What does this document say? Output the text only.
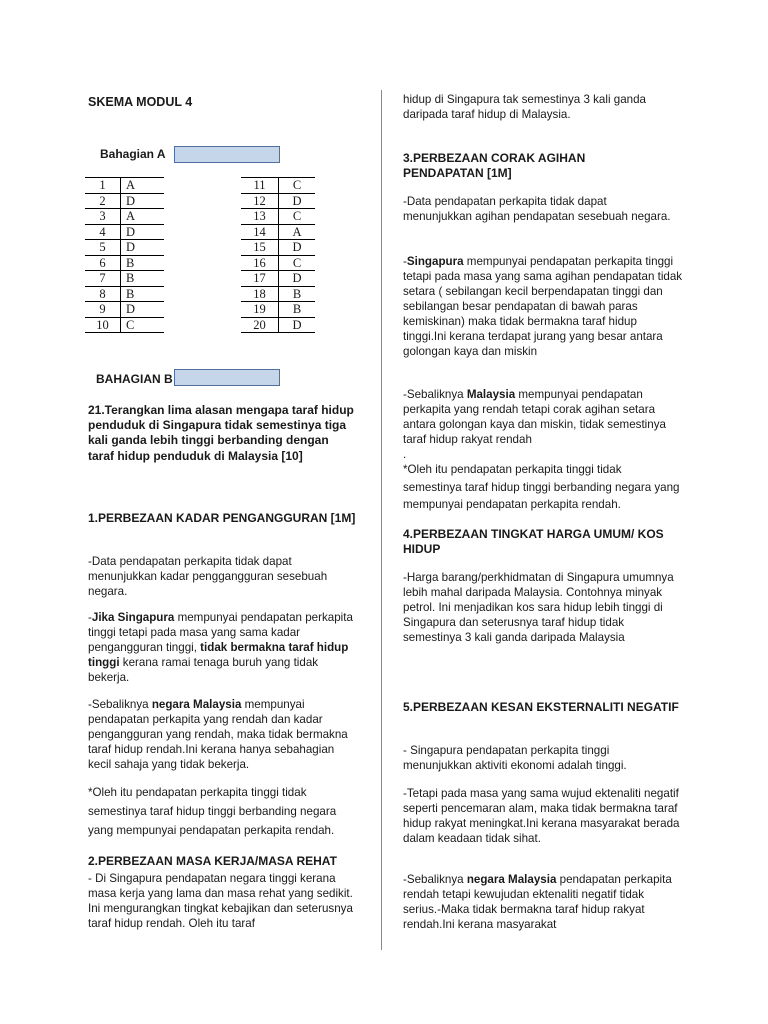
SKEMA MODUL 4
Bahagian A
1	A
2	D
3	A
4	D
5	D
6	B
7	B
8	B
9	D
10	C
11	C
12	D
13	C
14	A
15	D
16	C
17	D
18	B
19	B
20	D
BAHAGIAN B
21.Terangkan lima alasan mengapa taraf hidup penduduk di Singapura tidak semestinya tiga kali ganda lebih tinggi berbanding dengan taraf hidup penduduk di Malaysia [10]
1.PERBEZAAN KADAR PENGANGGURAN [1M]
-Data pendapatan perkapita tidak dapat menunjukkan kadar penggangguran sesebuah negara.
-Jika Singapura mempunyai pendapatan perkapita tinggi tetapi pada masa yang sama kadar pengangguran tinggi, tidak bermakna taraf hidup tinggi kerana ramai tenaga buruh yang tidak bekerja.
-Sebaliknya negara Malaysia mempunyai pendapatan perkapita yang rendah dan kadar pengangguran yang rendah, maka tidak bermakna taraf hidup rendah.Ini kerana hanya sebahagian kecil sahaja yang tidak bekerja.
*Oleh itu pendapatan perkapita tinggi tidak semestinya taraf hidup tinggi berbanding negara yang mempunyai pendapatan perkapita rendah.
2.PERBEZAAN MASA KERJA/MASA REHAT
- Di Singapura pendapatan negara tinggi kerana masa kerja yang lama dan masa rehat yang sedikit. Ini mengurangkan tingkat kebajikan dan seterusnya taraf hidup rendah. Oleh itu taraf
hidup di Singapura tak semestinya 3 kali ganda daripada taraf hidup di Malaysia.
3.PERBEZAAN CORAK AGIHAN PENDAPATAN [1M]
-Data pendapatan perkapita tidak dapat menunjukkan agihan pendapatan sesebuah negara.
-Singapura mempunyai pendapatan perkapita tinggi tetapi pada masa yang sama agihan pendapatan tidak setara ( sebilangan kecil berpendapatan tinggi dan sebilangan besar pendapatan di bawah paras kemiskinan) maka tidak bermakna taraf hidup tinggi.Ini kerana terdapat jurang yang besar antara golongan kaya dan miskin
-Sebaliknya Malaysia mempunyai pendapatan perkapita yang rendah tetapi corak agihan setara antara golongan kaya dan miskin, tidak semestinya taraf hidup rakyat rendah
.
*Oleh itu pendapatan perkapita tinggi tidak semestinya taraf hidup tinggi berbanding negara yang mempunyai pendapatan perkapita rendah.
4.PERBEZAAN TINGKAT HARGA UMUM/ KOS HIDUP
-Harga barang/perkhidmatan di Singapura umumnya lebih mahal daripada Malaysia. Contohnya minyak petrol. Ini menjadikan kos sara hidup lebih tinggi di Singapura dan seterusnya taraf hidup tidak semestinya 3 kali ganda daripada Malaysia
5.PERBEZAAN KESAN EKSTERNALITI NEGATIF
- Singapura pendapatan perkapita tinggi menunjukkan aktiviti ekonomi adalah tinggi.
-Tetapi pada masa yang sama wujud ektenaliti negatif seperti pencemaran alam, maka tidak bermakna taraf hidup rakyat meningkat.Ini kerana masyarakat berada dalam keadaan tidak sihat.
-Sebaliknya negara Malaysia pendapatan perkapita rendah tetapi kewujudan ektenaliti negatif tidak serius.-Maka tidak bermakna taraf hidup rakyat rendah.Ini kerana masyarakat
